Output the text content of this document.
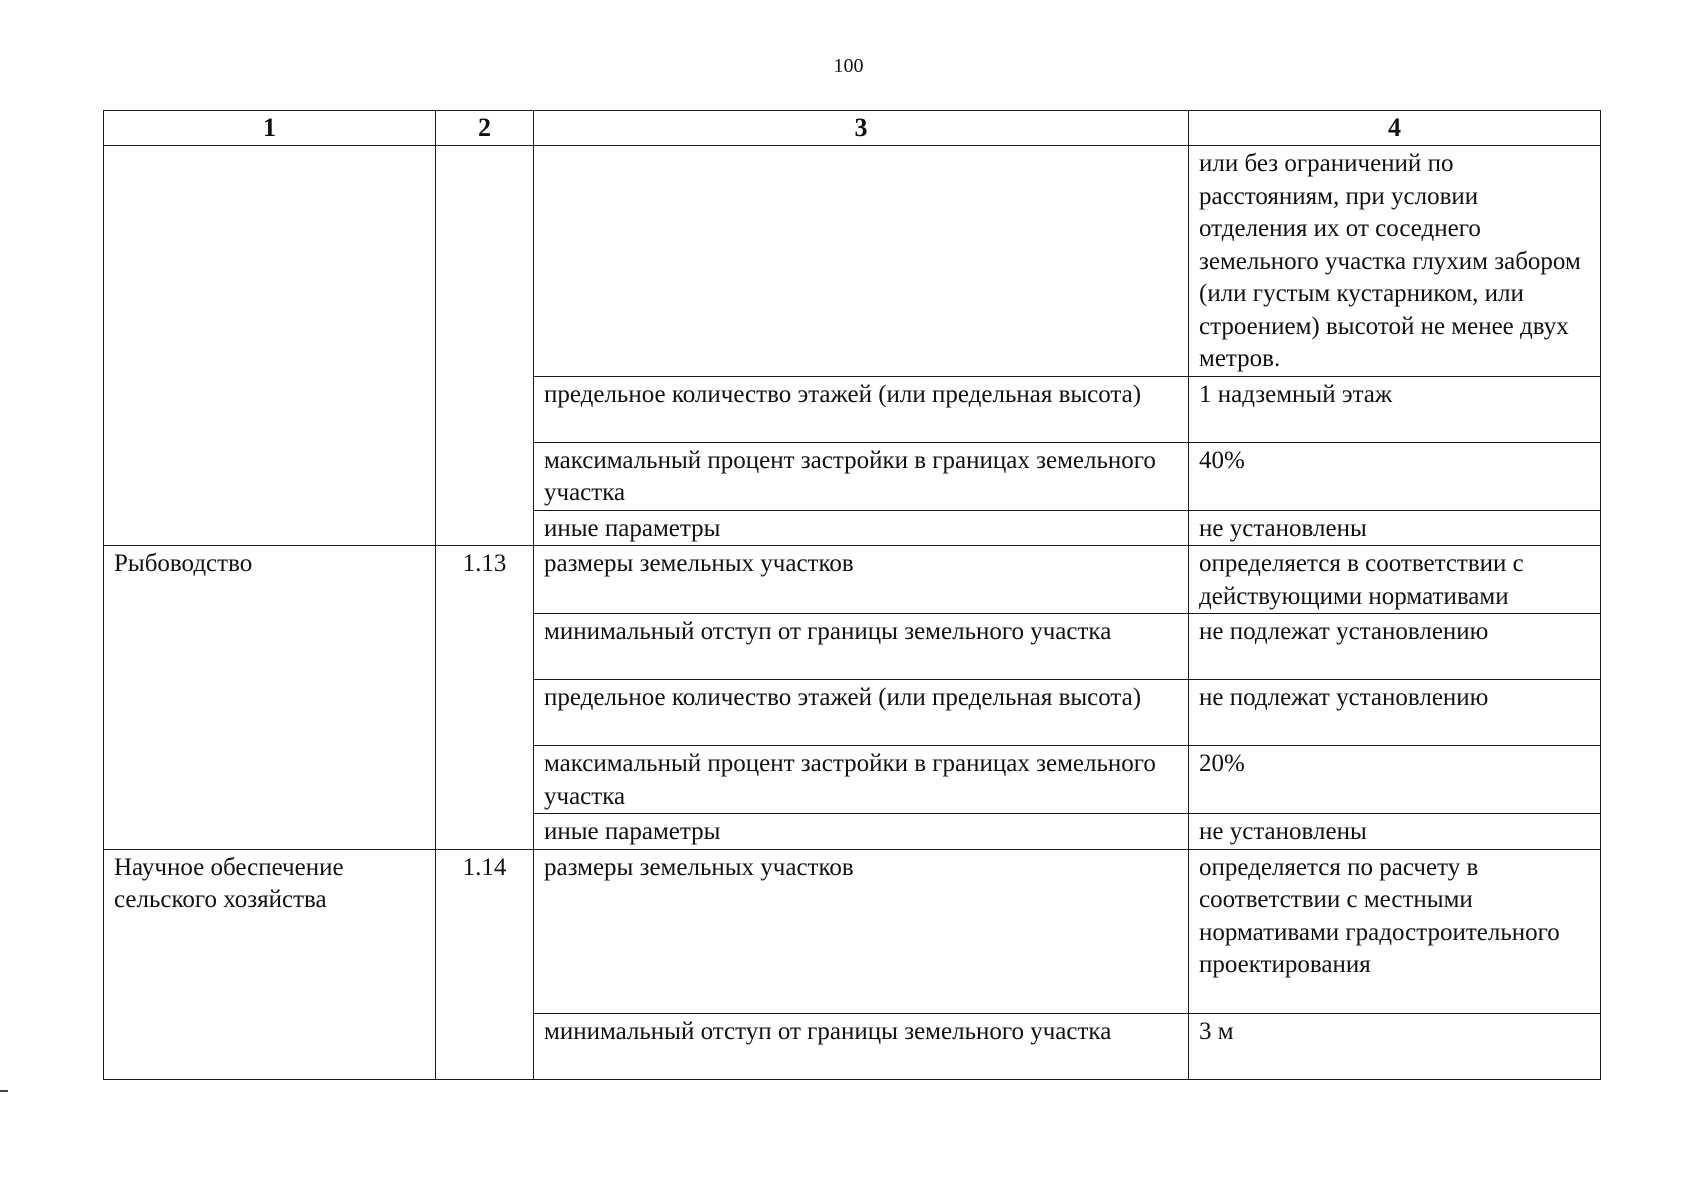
100
1	2	3	4
			или без ограничений по расстояниям, при условии отделения их от соседнего земельного участка глухим забором (или густым кустарником, или строением) высотой не менее двух метров.
		предельное количество этажей (или предельная высота)	1 надземный этаж
		максимальный процент застройки в границах земельного участка	40%
		иные параметры	не установлены
Рыбоводство	1.13	размеры земельных участков	определяется в соответствии с действующими нормативами
		минимальный отступ от границы земельного участка	не подлежат установлению
		предельное количество этажей (или предельная высота)	не подлежат установлению
		максимальный процент застройки в границах земельного участка	20%
		иные параметры	не установлены
Научное обеспечение сельского хозяйства	1.14	размеры земельных участков	определяется по расчету в соответствии с местными нормативами градостроительного проектирования
		минимальный отступ от границы земельного участка	3 м
